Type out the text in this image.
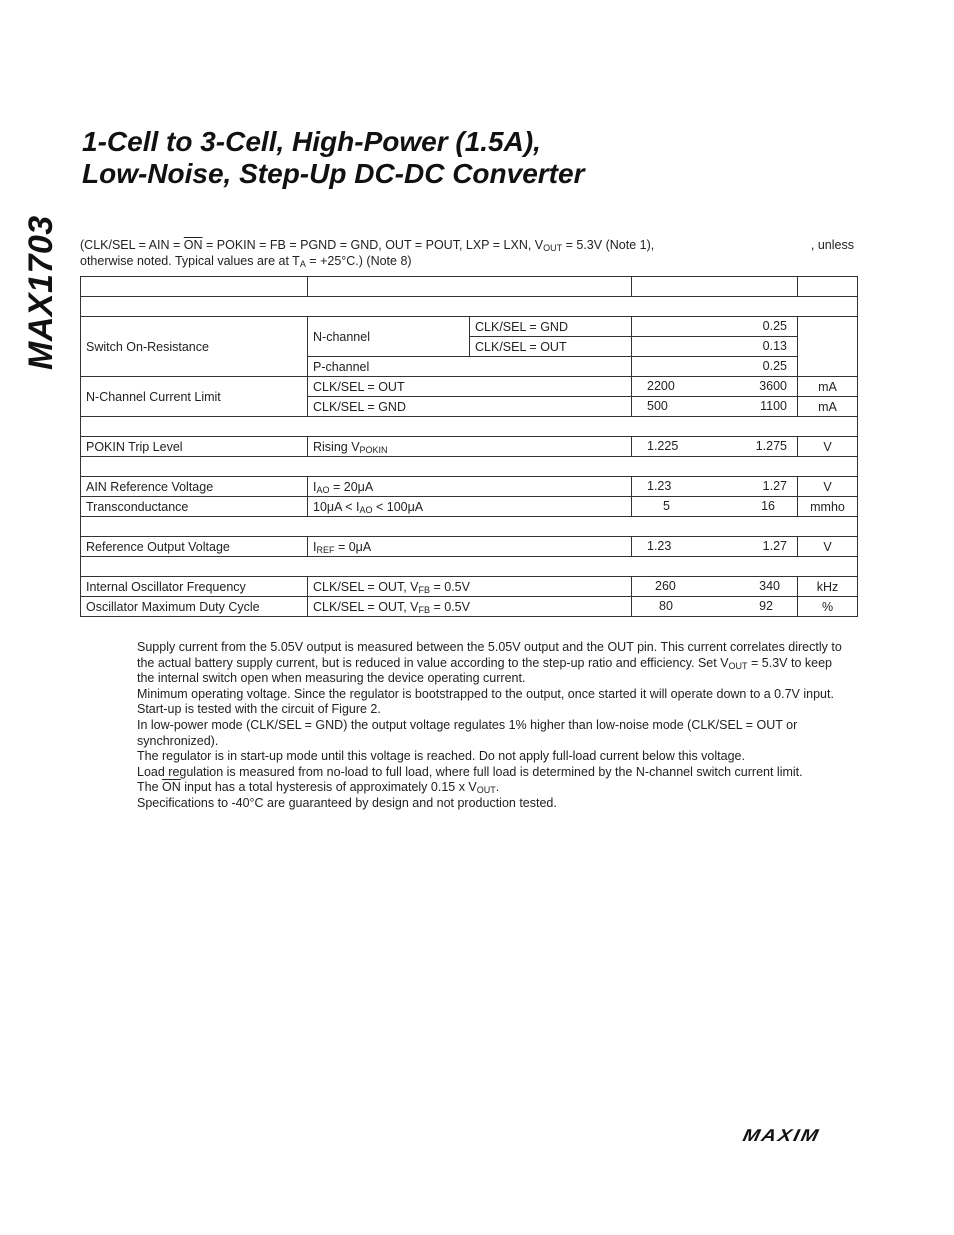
MAX1703
1-Cell to 3-Cell, High-Power (1.5A),
Low-Noise, Step-Up DC-DC Converter
(CLK/SEL = AIN = $\overline{ON}$ = POKIN = FB = PGND = GND, OUT = POUT, LXP = LXN, $V_{OUT} = 5.3V$ (Note 1),	, unless
otherwise noted. Typical values are at $T_A = +25^\circ C$.) (Note 8)

Switch On-Resistance	N-channel	CLK/SEL = GND	0.25	

		CLK/SEL = OUT	0.13	

	P-channel		0.25	

N-Channel Current Limit	CLK/SEL = OUT		2200 3600	mA
	CLK/SEL = GND		500 1100	mA

POKIN Trip Level	Rising $V_{POKIN}$		1.225 1.275	V

AIN Reference Voltage	$I_{AO} = 20\mu A$		1.23 1.27	V
Transconductance	$10\mu A < I_{AO} < 100\mu A$		5 16	mmho

Reference Output Voltage	$I_{REF} = 0\mu A$		1.23 1.27	V

Internal Oscillator Frequency	CLK/SEL = OUT, $V_{FB} = 0.5V$		260 340	kHz
Oscillator Maximum Duty Cycle	CLK/SEL = OUT, $V_{FB} = 0.5V$		80 92	%

Supply current from the 5.05V output is measured between the 5.05V output and the OUT pin. This current correlates directly to the actual battery supply current, but is reduced in value according to the step-up ratio and efficiency. Set $V_{OUT} = 5.3V$ to keep the internal switch open when measuring the device operating current.

Minimum operating voltage. Since the regulator is bootstrapped to the output, once started it will operate down to a 0.7V input.

Start-up is tested with the circuit of Figure 2.

In low-power mode (CLK/SEL = GND) the output voltage regulates 1% higher than low-noise mode (CLK/SEL = OUT or synchronized).

The regulator is in start-up mode until this voltage is reached. Do not apply full-load current below this voltage.

Load regulation is measured from no-load to full load, where full load is determined by the N-channel switch current limit.

The $\overline{ON}$ input has a total hysteresis of approximately 0.15 x $V_{OUT}$.

Specifications to -40°C are guaranteed by design and not production tested.

MAXIM
